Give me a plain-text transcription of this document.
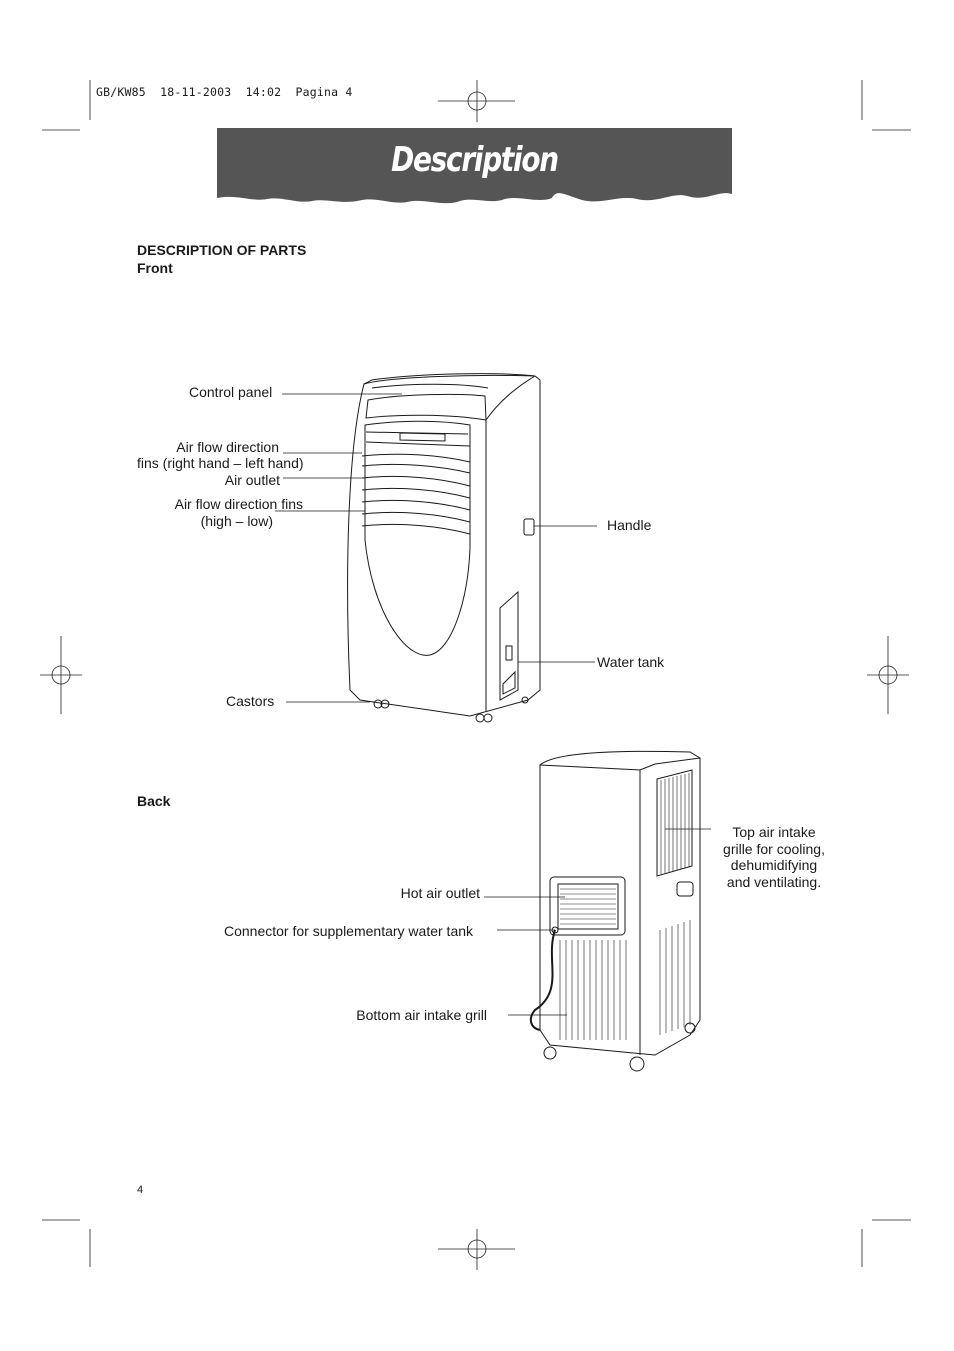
GB/KW85  18-11-2003  14:02  Pagina 4
Description
DESCRIPTION OF PARTS
Front
Back
Control panel
Air flow direction
fins (right hand – left hand)
Air outlet
Air flow direction fins
(high – low)	Handle
Water tank
Castors
Hot air outlet
Connector for supplementary water tank
Bottom air intake grill
Top air intake
grille for cooling,
dehumidifying
and ventilating.
4
